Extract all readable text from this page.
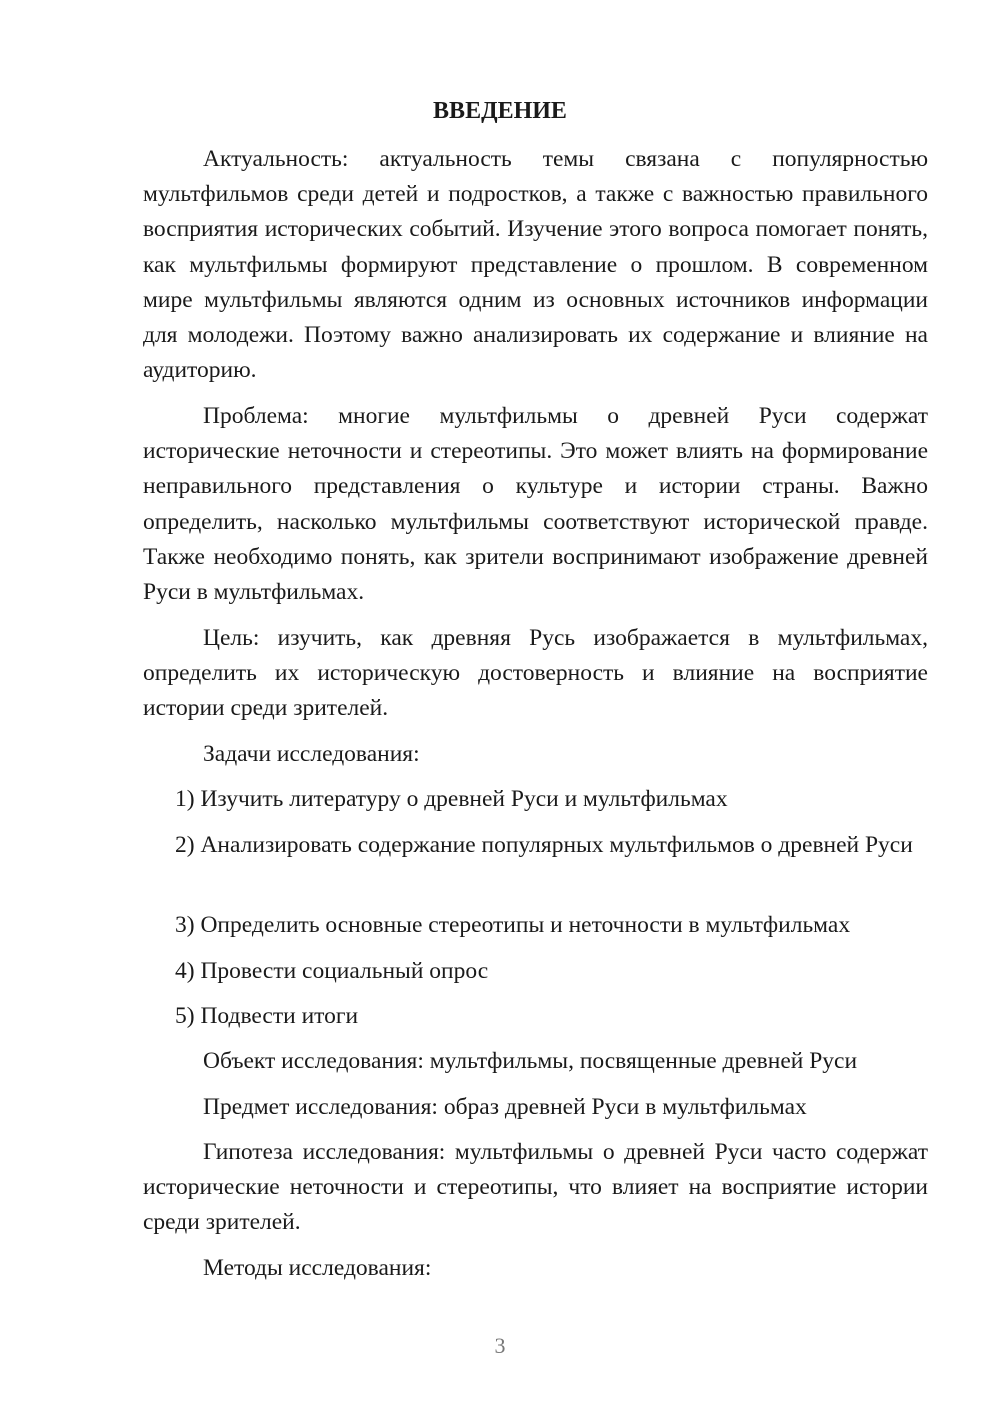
ВВЕДЕНИЕ

Актуальность: актуальность темы связана с популярностью мультфильмов среди детей и подростков, а также с важностью правильного восприятия исторических событий. Изучение этого вопроса помогает понять, как мультфильмы формируют представление о прошлом. В современном мире мультфильмы являются одним из основных источников информации для молодежи. Поэтому важно анализировать их содержание и влияние на аудиторию.

Проблема: многие мультфильмы о древней Руси содержат исторические неточности и стереотипы. Это может влиять на формирование неправильного представления о культуре и истории страны. Важно определить, насколько мультфильмы соответствуют исторической правде. Также необходимо понять, как зрители воспринимают изображение древней Руси в мультфильмах.

Цель: изучить, как древняя Русь изображается в мультфильмах, определить их историческую достоверность и влияние на восприятие истории среди зрителей.

Задачи исследования:

1) Изучить литературу о древней Руси и мультфильмах

2) Анализировать содержание популярных мультфильмов о древней Руси

3) Определить основные стереотипы и неточности в мультфильмах

4) Провести социальный опрос

5) Подвести итоги

Объект исследования: мультфильмы, посвященные древней Руси

Предмет исследования: образ древней Руси в мультфильмах

Гипотеза исследования: мультфильмы о древней Руси часто содержат исторические неточности и стереотипы, что влияет на восприятие истории среди зрителей.

Методы исследования:

3
